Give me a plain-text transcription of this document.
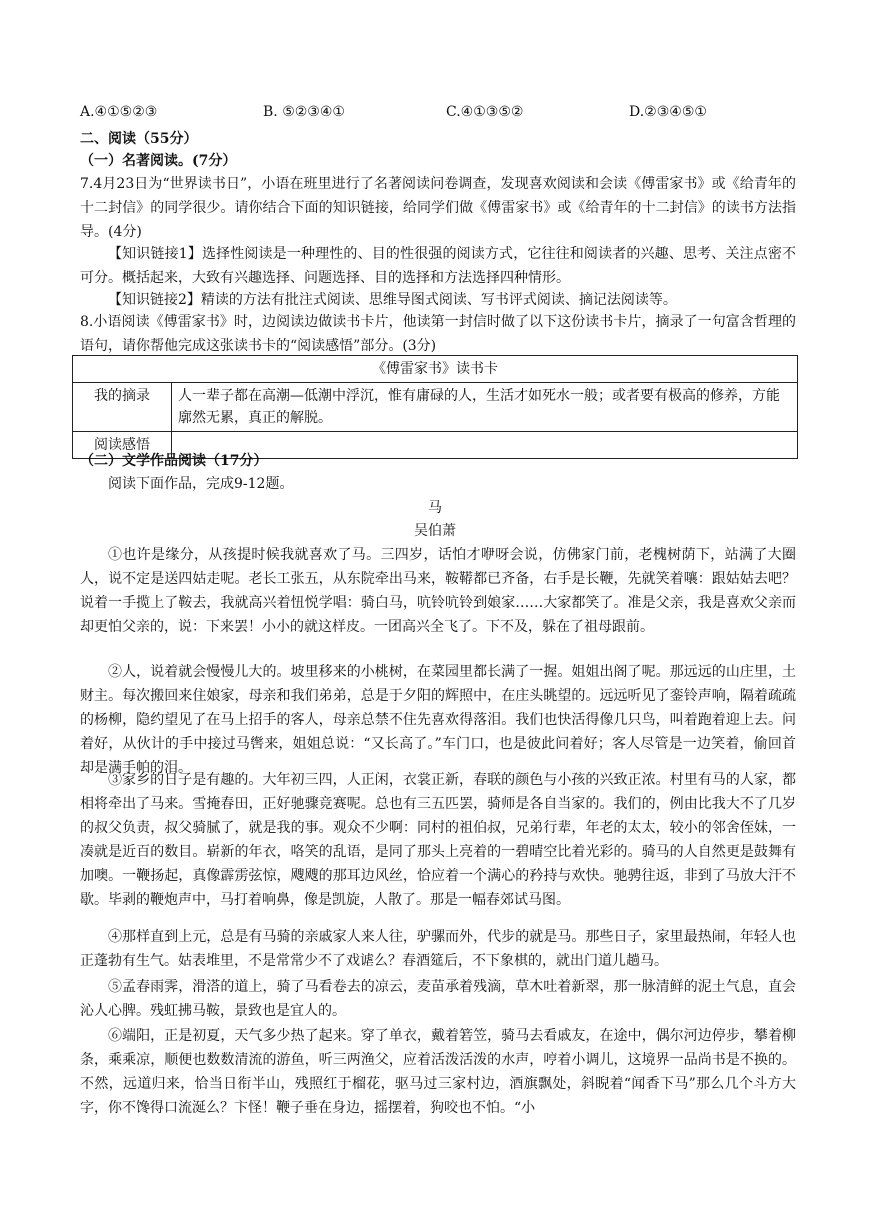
A.④①⑤②③	B. ⑤②③④①	C.④①③⑤②	D.②③④⑤①
二、阅读（55分）
（一）名著阅读。(7分）

7.4月23日为“世界读书日”，小语在班里进行了名著阅读问卷调查，发现喜欢阅读和会读《傅雷家书》或《给青年的十二封信》的同学很少。请你结合下面的知识链接，给同学们做《傅雷家书》或《给青年的十二封信》的读书方法指导。(4分)

【知识链接1】选择性阅读是一种理性的、目的性很强的阅读方式，它往往和阅读者的兴趣、思考、关注点密不可分。概括起来，大致有兴趣选择、问题选择、目的选择和方法选择四种情形。

【知识链接2】精读的方法有批注式阅读、思维导图式阅读、写书评式阅读、摘记法阅读等。

8.小语阅读《傅雷家书》时，边阅读边做读书卡片，他读第一封信时做了以下这份读书卡片，摘录了一句富含哲理的语句，请你帮他完成这张读书卡的“阅读感悟”部分。(3分)

《傅雷家书》读书卡	
我的摘录	人一辈子都在高潮—低潮中浮沉，惟有庸碌的人，生活才如死水一般；或者要有极高的修养，方能廓然无累，真正的解脱。
阅读感悟	
（二）文学作品阅读（17分）
阅读下面作品，完成9-12题。
马
吴伯萧

①也许是缘分，从孩提时候我就喜欢了马。三四岁，话怕才咿呀会说，仿佛家门前，老槐树荫下，站满了大圈人，说不定是送四姑走呢。老长工张五，从东院牵出马来，鞍鞯都已齐备，右手是长鞭，先就笑着嚷：跟姑姑去吧？说着一手揽上了鞍去，我就高兴着忸悦学唱：骑白马，吭铃吭铃到娘家……大家都笑了。准是父亲，我是喜欢父亲而却更怕父亲的，说：下来罢！小小的就这样皮。一团高兴全飞了。下不及，躲在了祖母跟前。

②人，说着就会慢慢儿大的。坡里移来的小桃树，在菜园里都长满了一握。姐姐出阁了呢。那远远的山庄里，土财主。每次搬回来住娘家，母亲和我们弟弟，总是于夕阳的辉照中，在庄头眺望的。远远听见了銮铃声响，隔着疏疏的杨柳，隐约望见了在马上招手的客人，母亲总禁不住先喜欢得落泪。我们也快活得像几只鸟，叫着跑着迎上去。问着好，从伙计的手中接过马辔来，姐姐总说：“又长高了。”车门口，也是彼此问着好；客人尽管是一边笑着，偷回首却是满手帕的泪。

③家乡的日子是有趣的。大年初三四，人正闲，衣裳正新，春联的颜色与小孩的兴致正浓。村里有马的人家，都相将牵出了马来。雪掩春田，正好驰骤竞赛呢。总也有三五匹罢，骑师是各自当家的。我们的，例由比我大不了几岁的叔父负责，叔父骑腻了，就是我的事。观众不少啊：同村的祖伯叔，兄弟行辈，年老的太太，较小的邻舍侄妹，一凑就是近百的数目。崭新的年衣，咯笑的乱语，是同了那头上亮着的一碧晴空比着光彩的。骑马的人自然更是鼓舞有加噢。一鞭扬起，真像霹雳弦惊，飕飕的那耳边风丝，恰应着一个满心的矜持与欢快。驰骋往返，非到了马放大汗不歇。毕剥的鞭炮声中，马打着响鼻，像是凯旋，人散了。那是一幅春郊试马图。

④那样直到上元，总是有马骑的亲戚家人来人往，驴骡而外，代步的就是马。那些日子，家里最热闹，年轻人也正蓬勃有生气。姑表堆里，不是常常少不了戏谑么？春酒筵后，不下象棋的，就出门道儿趟马。

⑤孟春雨霁，滑溚的道上，骑了马看卷去的凉云，麦苗承着残滴，草木吐着新翠，那一脉清鲜的泥土气息，直会沁人心脾。残虹拂马鞍，景致也是宜人的。

⑥端阳，正是初夏，天气多少热了起来。穿了单衣，戴着箬笠，骑马去看戚友，在途中，偶尔河边停步，攀着柳条，乘乘凉，顺便也数数清流的游鱼，听三两渔父，应着活泼活泼的水声，哼着小调儿，这境界一品尚书是不换的。不然，远道归来，恰当日衔半山，残照红于榴花，驱马过三家村边，酒旗飘处，斜睨着“闻香下马”那么几个斗方大字，你不馋得口流涎么？卞怪！鞭子垂在身边，摇摆着，狗咬也不怕。“小
